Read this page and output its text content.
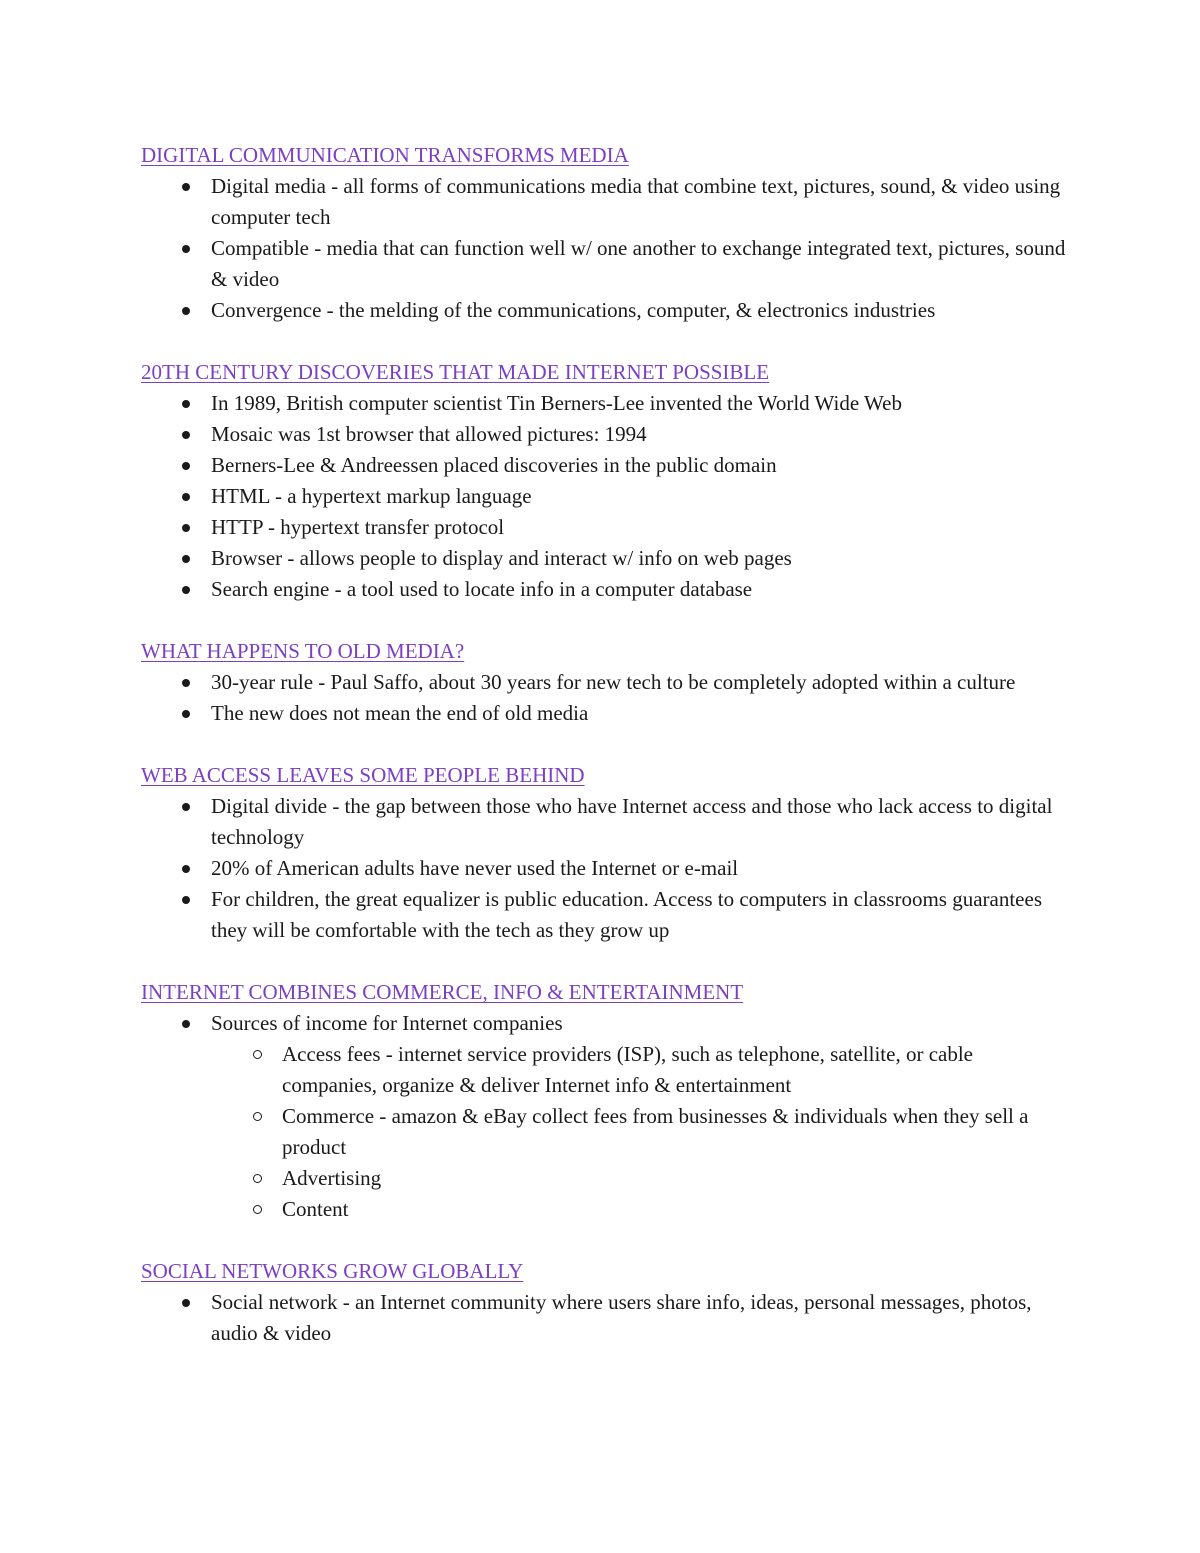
DIGITAL COMMUNICATION TRANSFORMS MEDIA
Digital media - all forms of communications media that combine text, pictures, sound, & video using computer tech
Compatible - media that can function well w/ one another to exchange integrated text, pictures, sound & video
Convergence - the melding of the communications, computer, & electronics industries
20TH CENTURY DISCOVERIES THAT MADE INTERNET POSSIBLE
In 1989, British computer scientist Tin Berners-Lee invented the World Wide Web
Mosaic was 1st browser that allowed pictures: 1994
Berners-Lee & Andreessen placed discoveries in the public domain
HTML - a hypertext markup language
HTTP - hypertext transfer protocol
Browser - allows people to display and interact w/ info on web pages
Search engine - a tool used to locate info in a computer database
WHAT HAPPENS TO OLD MEDIA?
30-year rule - Paul Saffo, about 30 years for new tech to be completely adopted within a culture
The new does not mean the end of old media
WEB ACCESS LEAVES SOME PEOPLE BEHIND
Digital divide - the gap between those who have Internet access and those who lack access to digital technology
20% of American adults have never used the Internet or e-mail
For children, the great equalizer is public education. Access to computers in classrooms guarantees they will be comfortable with the tech as they grow up
INTERNET COMBINES COMMERCE, INFO & ENTERTAINMENT
Sources of income for Internet companies
Access fees - internet service providers (ISP), such as telephone, satellite, or cable companies, organize & deliver Internet info & entertainment
Commerce - amazon & eBay collect fees from businesses & individuals when they sell a product
Advertising
Content
SOCIAL NETWORKS GROW GLOBALLY
Social network - an Internet community where users share info, ideas, personal messages, photos, audio & video
